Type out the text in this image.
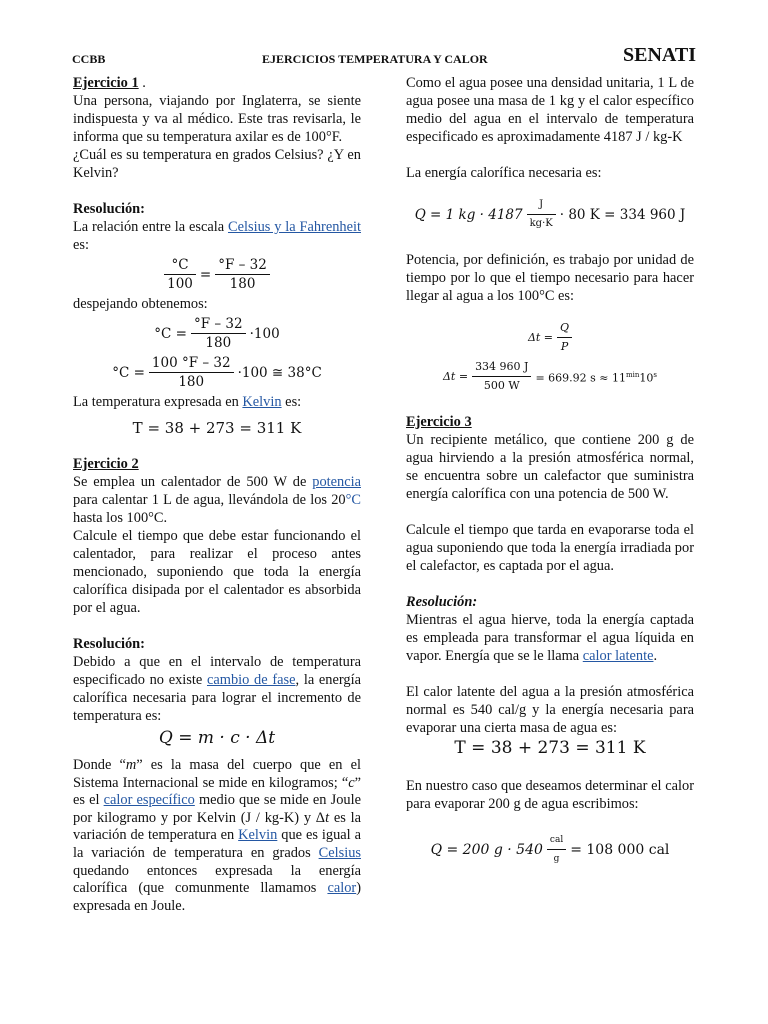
CCBB	EJERCICIOS TEMPERATURA Y CALOR	SENATI

Ejercicio 1 .

Una persona, viajando por Inglaterra, se siente indispuesta y va al médico. Este tras revisarla, le informa que su temperatura axilar es de 100°F.

¿Cuál es su temperatura en grados Celsius? ¿Y en Kelvin?

Resolución:

La relación entre la escala Celsius y la Fahrenheit es:

$\frac{^\circ C}{100} = \frac{^\circ F - 32}{180}$

despejando obtenemos:

$^\circ C = \frac{^\circ F - 32}{180} \cdot 100$
$^\circ C = \frac{100 ^\circ F - 32}{180} \cdot 100$ ≅ 38°C

La temperatura expresada en Kelvin es:

T = 38 + 273 = 311 K

Ejercicio 2

Se emplea un calentador de 500 W de potencia para calentar 1 L de agua, llevándola de los 20°C hasta los 100°C.

Calcule el tiempo que debe estar funcionando el calentador, para realizar el proceso antes mencionado, suponiendo que toda la energía calorífica disipada por el calentador es absorbida por el agua.

Resolución:

Debido a que en el intervalo de temperatura especificado no existe cambio de fase, la energía calorífica necesaria para lograr el incremento de temperatura es:

Q = m · c · Δt

Donde “m” es la masa del cuerpo que en el Sistema Internacional se mide en kilogramos; “c” es el calor específico medio que se mide en Joule por kilogramo y por Kelvin (J / kg-K) y Δt es la variación de temperatura en Kelvin que es igual a la variación de temperatura en grados Celsius quedando entonces expresada la energía calorífica (que comunmente llamamos calor) expresada en Joule.

Como el agua posee una densidad unitaria, 1 L de agua posee una masa de 1 kg y el calor específico medio del agua en el intervalo de temperatura especificado es aproximadamente 4187 J / kg-K

La energía calorífica necesaria es:

Q = 1 kg · $4187 \frac{J}{kg\cdot K} \cdot 80$ K = 334 960 J

Potencia, por definición, es trabajo por unidad de tiempo por lo que el tiempo necesario para hacer llegar al agua a los 100°C es:

$\Delta t = \frac{Q}{P}$
$\Delta t = \frac{334 960 J}{500 W} = 669.92$ $s \approx 11^{min}10^s$

Ejercicio 3

Un recipiente metálico, que contiene 200 g de agua hirviendo a la presión atmosférica normal, se encuentra sobre un calefactor que suministra energía calorífica con una potencia de 500 W.

Calcule el tiempo que tarda en evaporarse toda el agua suponiendo que toda la energía irradiada por el calefactor, es captada por el agua.

Resolución:

Mientras el agua hierve, toda la energía captada es empleada para transformar el agua líquida en vapor. Energía que se le llama calor latente.

El calor latente del agua a la presión atmosférica normal es 540 cal/g y la energía necesaria para evaporar una cierta masa de agua es:

T = 38 + 273 = 311 K

En nuestro caso que deseamos determinar el calor para evaporar 200 g de agua escribimos:

Q = 200 $g \cdot 540 \frac{\text{cal}}{g} = 108$ 000 cal
